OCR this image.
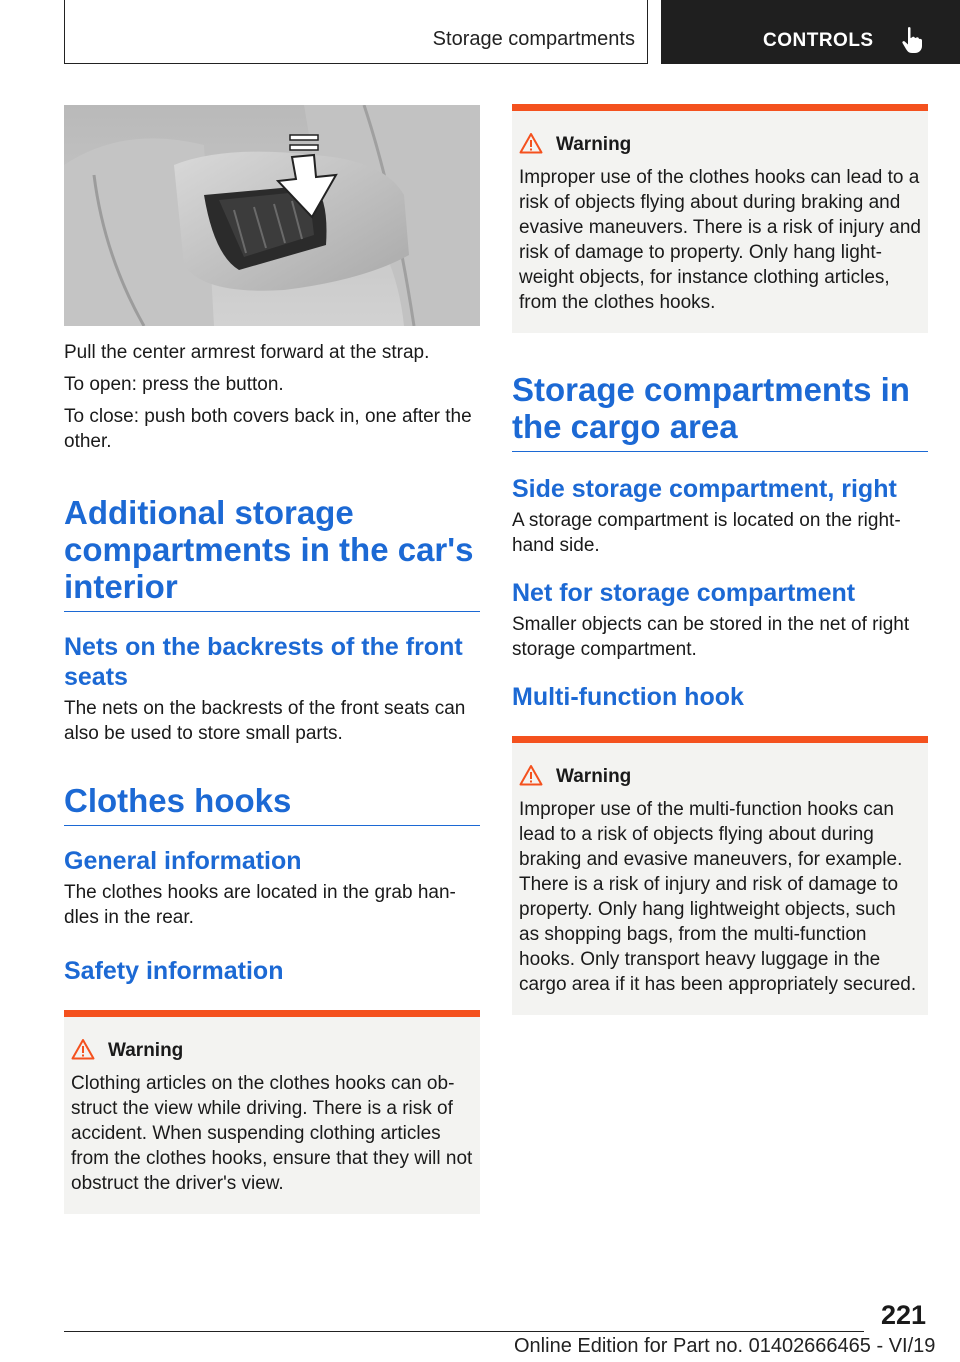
Storage compartments	CONTROLS

Pull the center armrest forward at the strap.

To open: press the button.

To close: push both covers back in, one after the other.

Additional storage compartments in the car's interior
Nets on the backrests of the front seats

The nets on the backrests of the front seats can also be used to store small parts.

Clothes hooks
General information

The clothes hooks are located in the grab handles in the rear.

Safety information
Warning

Clothing articles on the clothes hooks can obstruct the view while driving. There is a risk of accident. When suspending clothing articles from the clothes hooks, ensure that they will not obstruct the driver's view.

Warning

Improper use of the clothes hooks can lead to a risk of objects flying about during braking and evasive maneuvers. There is a risk of injury and risk of damage to property. Only hang lightweight objects, for instance clothing articles, from the clothes hooks.

Storage compartments in the cargo area
Side storage compartment, right

A storage compartment is located on the right-hand side.

Net for storage compartment

Smaller objects can be stored in the net of right storage compartment.

Multi-function hook
Warning

Improper use of the multi-function hooks can lead to a risk of objects flying about during braking and evasive maneuvers, for example. There is a risk of injury and risk of damage to property. Only hang lightweight objects, such as shopping bags, from the multi-function hooks. Only transport heavy luggage in the cargo area if it has been appropriately secured.

221
Online Edition for Part no. 01402666465 - VI/19
